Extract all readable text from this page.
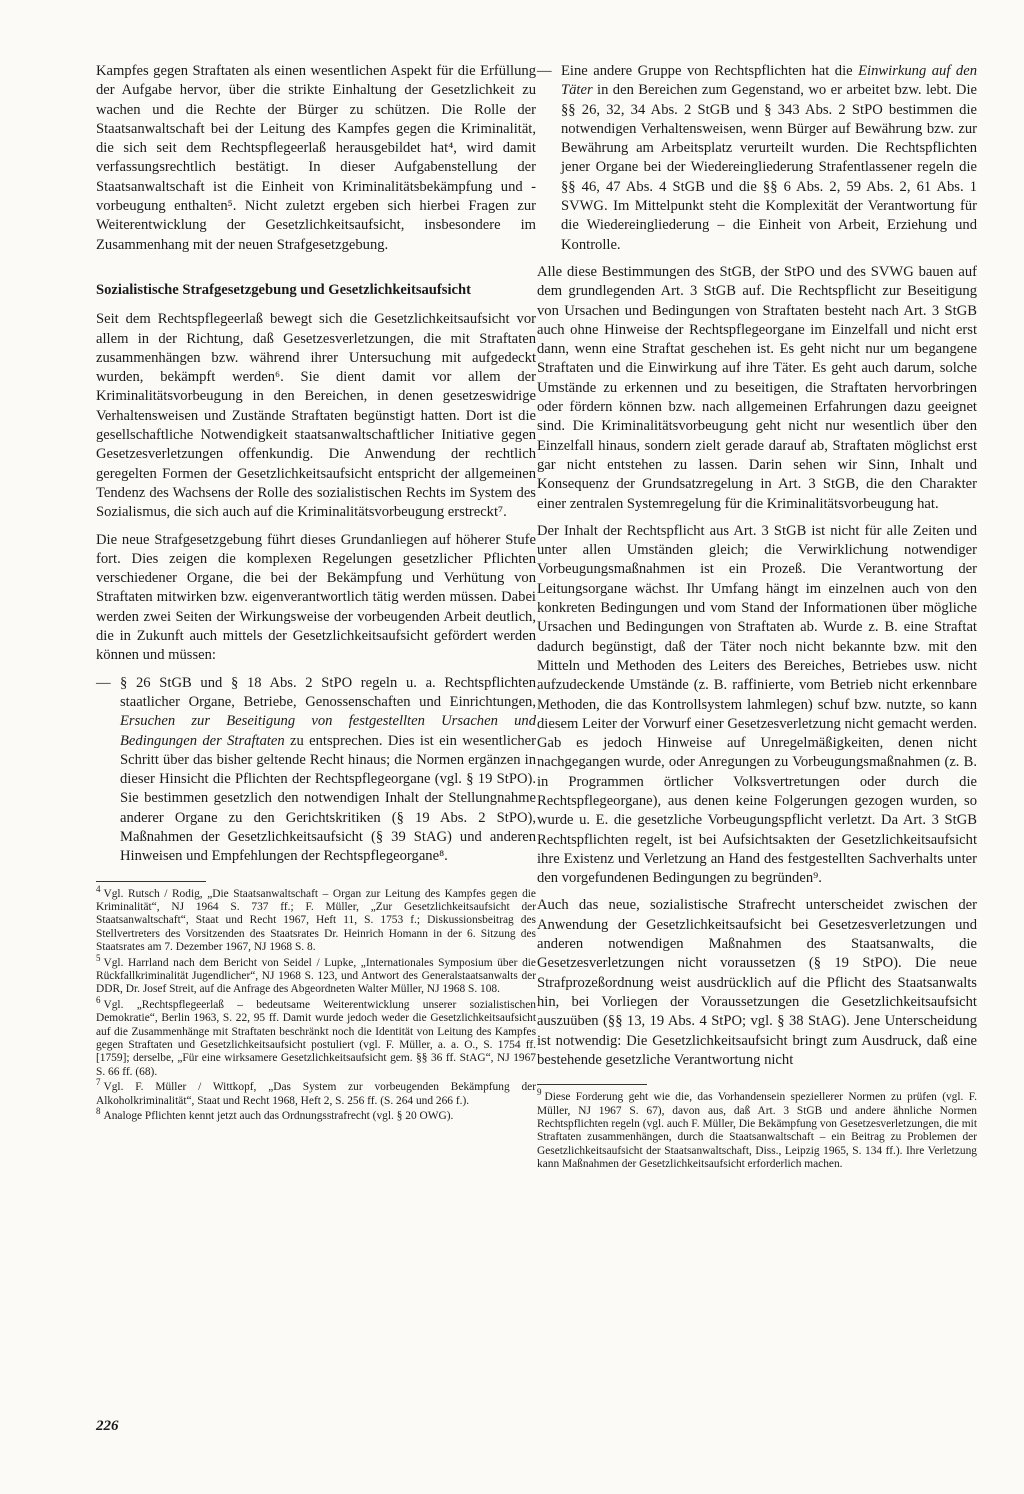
Kampfes gegen Straftaten als einen wesentlichen Aspekt für die Erfüllung der Aufgabe hervor, über die strikte Einhaltung der Gesetzlichkeit zu wachen und die Rechte der Bürger zu schützen. Die Rolle der Staatsanwaltschaft bei der Leitung des Kampfes gegen die Kriminalität, die sich seit dem Rechtspflegeerlaß herausgebildet hat⁴, wird damit verfassungsrechtlich bestätigt. In dieser Aufgabenstellung der Staatsanwaltschaft ist die Einheit von Kriminalitätsbekämpfung und -vorbeugung enthalten⁵. Nicht zuletzt ergeben sich hierbei Fragen zur Weiterentwicklung der Gesetzlichkeitsaufsicht, insbesondere im Zusammenhang mit der neuen Strafgesetzgebung.

Sozialistische Strafgesetzgebung und Gesetzlichkeitsaufsicht

Seit dem Rechtspflegeerlaß bewegt sich die Gesetzlichkeitsaufsicht vor allem in der Richtung, daß Gesetzesverletzungen, die mit Straftaten zusammenhängen bzw. während ihrer Untersuchung mit aufgedeckt wurden, bekämpft werden⁶. Sie dient damit vor allem der Kriminalitätsvorbeugung in den Bereichen, in denen gesetzeswidrige Verhaltensweisen und Zustände Straftaten begünstigt hatten. Dort ist die gesellschaftliche Notwendigkeit staatsanwaltschaftlicher Initiative gegen Gesetzesverletzungen offenkundig. Die Anwendung der rechtlich geregelten Formen der Gesetzlichkeitsaufsicht entspricht der allgemeinen Tendenz des Wachsens der Rolle des sozialistischen Rechts im System des Sozialismus, die sich auch auf die Kriminalitätsvorbeugung erstreckt⁷.

Die neue Strafgesetzgebung führt dieses Grundanliegen auf höherer Stufe fort. Dies zeigen die komplexen Regelungen gesetzlicher Pflichten verschiedener Organe, die bei der Bekämpfung und Verhütung von Straftaten mitwirken bzw. eigenverantwortlich tätig werden müssen. Dabei werden zwei Seiten der Wirkungsweise der vorbeugenden Arbeit deutlich, die in Zukunft auch mittels der Gesetzlichkeitsaufsicht gefördert werden können und müssen:

— § 26 StGB und § 18 Abs. 2 StPO regeln u. a. Rechtspflichten staatlicher Organe, Betriebe, Genossenschaften und Einrichtungen, Ersuchen zur Beseitigung von festgestellten Ursachen und Bedingungen der Straftaten zu entsprechen. Dies ist ein wesentlicher Schritt über das bisher geltende Recht hinaus; die Normen ergänzen in dieser Hinsicht die Pflichten der Rechtspflegeorgane (vgl. § 19 StPO). Sie bestimmen gesetzlich den notwendigen Inhalt der Stellungnahme anderer Organe zu den Gerichtskritiken (§ 19 Abs. 2 StPO), Maßnahmen der Gesetzlichkeitsaufsicht (§ 39 StAG) und anderen Hinweisen und Empfehlungen der Rechtspflegeorgane⁸.

$^4$ Vgl. Rutsch / Rodig, „Die Staatsanwaltschaft – Organ zur Leitung des Kampfes gegen die Kriminalität“, NJ 1964 S. 737 ff.; F. Müller, „Zur Gesetzlichkeitsaufsicht der Staatsanwaltschaft“, Staat und Recht 1967, Heft 11, S. 1753 f.; Diskussionsbeitrag des Stellvertreters des Vorsitzenden des Staatsrates Dr. Heinrich Homann in der 6. Sitzung des Staatsrates am 7. Dezember 1967, NJ 1968 S. 8.

$^5$ Vgl. Harrland nach dem Bericht von Seidel / Lupke, „Internationales Symposium über die Rückfallkriminalität Jugendlicher“, NJ 1968 S. 123, und Antwort des Generalstaatsanwalts der DDR, Dr. Josef Streit, auf die Anfrage des Abgeordneten Walter Müller, NJ 1968 S. 108.

$^6$ Vgl. „Rechtspflegeerlaß – bedeutsame Weiterentwicklung unserer sozialistischen Demokratie“, Berlin 1963, S. 22, 95 ff. Damit wurde jedoch weder die Gesetzlichkeitsaufsicht auf die Zusammenhänge mit Straftaten beschränkt noch die Identität von Leitung des Kampfes gegen Straftaten und Gesetzlichkeitsaufsicht postuliert (vgl. F. Müller, a. a. O., S. 1754 ff. [1759]; derselbe, „Für eine wirksamere Gesetzlichkeitsaufsicht gem. §§ 36 ff. StAG“, NJ 1967 S. 66 ff. (68).

$^7$ Vgl. F. Müller / Wittkopf, „Das System zur vorbeugenden Bekämpfung der Alkoholkriminalität“, Staat und Recht 1968, Heft 2, S. 256 ff. (S. 264 und 266 f.).

$^8$ Analoge Pflichten kennt jetzt auch das Ordnungsstrafrecht (vgl. § 20 OWG).

— Eine andere Gruppe von Rechtspflichten hat die Einwirkung auf den Täter in den Bereichen zum Gegenstand, wo er arbeitet bzw. lebt. Die §§ 26, 32, 34 Abs. 2 StGB und § 343 Abs. 2 StPO bestimmen die notwendigen Verhaltensweisen, wenn Bürger auf Bewährung bzw. zur Bewährung am Arbeitsplatz verurteilt wurden. Die Rechtspflichten jener Organe bei der Wiedereingliederung Strafentlassener regeln die §§ 46, 47 Abs. 4 StGB und die §§ 6 Abs. 2, 59 Abs. 2, 61 Abs. 1 SVWG. Im Mittelpunkt steht die Komplexität der Verantwortung für die Wiedereingliederung – die Einheit von Arbeit, Erziehung und Kontrolle.

Alle diese Bestimmungen des StGB, der StPO und des SVWG bauen auf dem grundlegenden Art. 3 StGB auf. Die Rechtspflicht zur Beseitigung von Ursachen und Bedingungen von Straftaten besteht nach Art. 3 StGB auch ohne Hinweise der Rechtspflegeorgane im Einzelfall und nicht erst dann, wenn eine Straftat geschehen ist. Es geht nicht nur um begangene Straftaten und die Einwirkung auf ihre Täter. Es geht auch darum, solche Umstände zu erkennen und zu beseitigen, die Straftaten hervorbringen oder fördern können bzw. nach allgemeinen Erfahrungen dazu geeignet sind. Die Kriminalitätsvorbeugung geht nicht nur wesentlich über den Einzelfall hinaus, sondern zielt gerade darauf ab, Straftaten möglichst erst gar nicht entstehen zu lassen. Darin sehen wir Sinn, Inhalt und Konsequenz der Grundsatzregelung in Art. 3 StGB, die den Charakter einer zentralen Systemregelung für die Kriminalitätsvorbeugung hat.

Der Inhalt der Rechtspflicht aus Art. 3 StGB ist nicht für alle Zeiten und unter allen Umständen gleich; die Verwirklichung notwendiger Vorbeugungsmaßnahmen ist ein Prozeß. Die Verantwortung der Leitungsorgane wächst. Ihr Umfang hängt im einzelnen auch von den konkreten Bedingungen und vom Stand der Informationen über mögliche Ursachen und Bedingungen von Straftaten ab. Wurde z. B. eine Straftat dadurch begünstigt, daß der Täter noch nicht bekannte bzw. mit den Mitteln und Methoden des Leiters des Bereiches, Betriebes usw. nicht aufzudeckende Umstände (z. B. raffinierte, vom Betrieb nicht erkennbare Methoden, die das Kontrollsystem lahmlegen) schuf bzw. nutzte, so kann diesem Leiter der Vorwurf einer Gesetzesverletzung nicht gemacht werden. Gab es jedoch Hinweise auf Unregelmäßigkeiten, denen nicht nachgegangen wurde, oder Anregungen zu Vorbeugungsmaßnahmen (z. B. in Programmen örtlicher Volksvertretungen oder durch die Rechtspflegeorgane), aus denen keine Folgerungen gezogen wurden, so wurde u. E. die gesetzliche Vorbeugungspflicht verletzt. Da Art. 3 StGB Rechtspflichten regelt, ist bei Aufsichtsakten der Gesetzlichkeitsaufsicht ihre Existenz und Verletzung an Hand des festgestellten Sachverhalts unter den vorgefundenen Bedingungen zu begründen⁹.

Auch das neue, sozialistische Strafrecht unterscheidet zwischen der Anwendung der Gesetzlichkeitsaufsicht bei Gesetzesverletzungen und anderen notwendigen Maßnahmen des Staatsanwalts, die Gesetzesverletzungen nicht voraussetzen (§ 19 StPO). Die neue Strafprozeßordnung weist ausdrücklich auf die Pflicht des Staatsanwalts hin, bei Vorliegen der Voraussetzungen die Gesetzlichkeitsaufsicht auszuüben (§§ 13, 19 Abs. 4 StPO; vgl. § 38 StAG). Jene Unterscheidung ist notwendig: Die Gesetzlichkeitsaufsicht bringt zum Ausdruck, daß eine bestehende gesetzliche Verantwortung nicht

$^9$ Diese Forderung geht wie die, das Vorhandensein speziellerer Normen zu prüfen (vgl. F. Müller, NJ 1967 S. 67), davon aus, daß Art. 3 StGB und andere ähnliche Normen Rechtspflichten regeln (vgl. auch F. Müller, Die Bekämpfung von Gesetzesverletzungen, die mit Straftaten zusammenhängen, durch die Staatsanwaltschaft – ein Beitrag zu Problemen der Gesetzlichkeitsaufsicht der Staatsanwaltschaft, Diss., Leipzig 1965, S. 134 ff.). Ihre Verletzung kann Maßnahmen der Gesetzlichkeitsaufsicht erforderlich machen.

226
